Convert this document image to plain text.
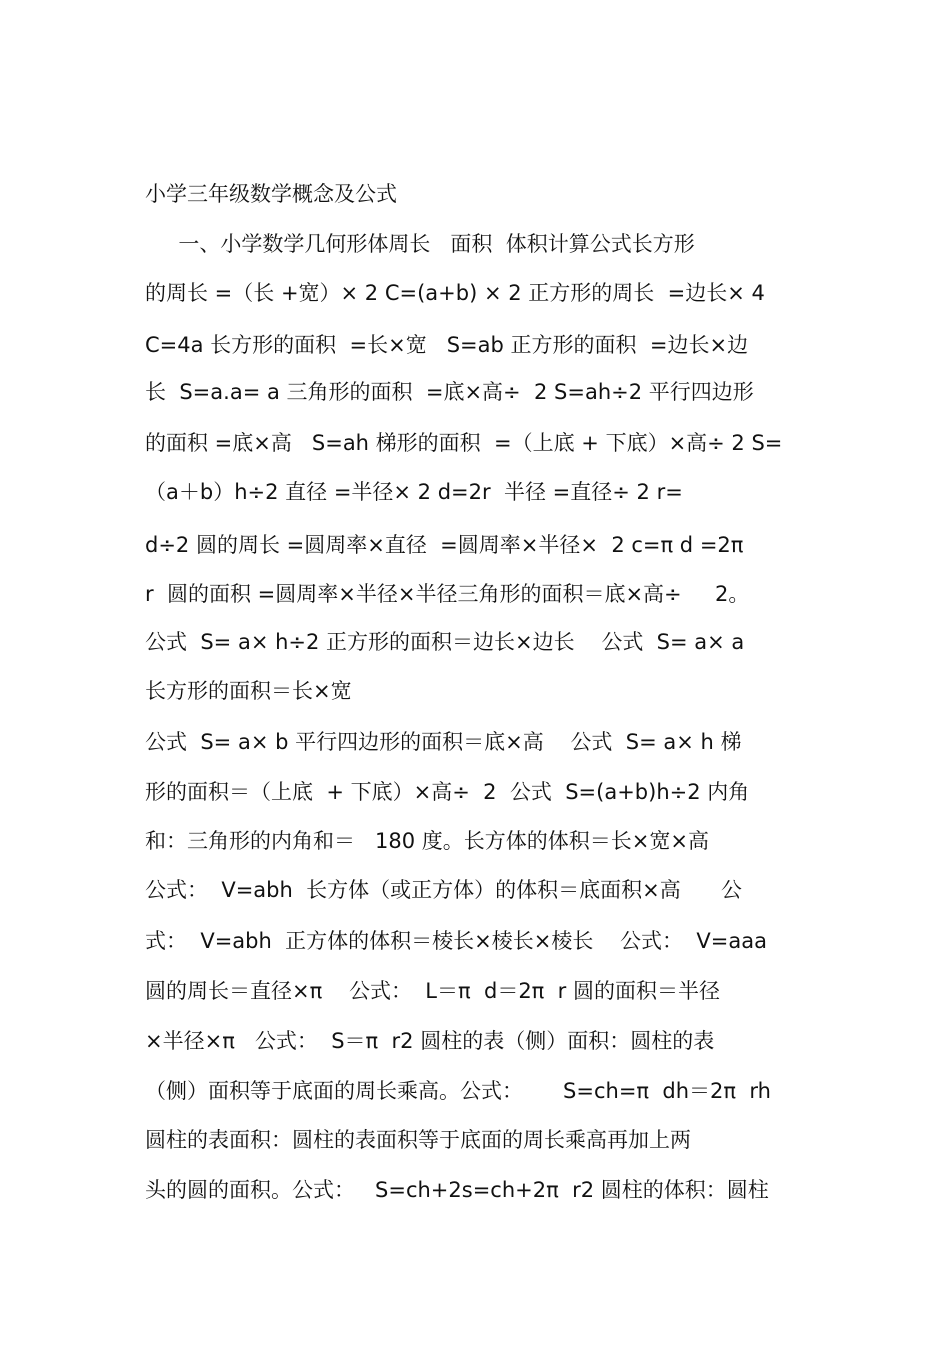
小学三年级数学概念及公式
一、小学数学几何形体周长   面积  体积计算公式长方形
的周长 =（长 +宽）× 2 C=(a+b) × 2 正方形的周长  =边长× 4
C=4a 长方形的面积  =长×宽   S=ab 正方形的面积  =边长×边
长  S=a.a= a 三角形的面积  =底×高÷  2 S=ah÷2 平行四边形
的面积 =底×高   S=ah 梯形的面积  =（上底 + 下底）×高÷ 2 S=
（a＋b）h÷2 直径 =半径× 2 d=2r  半径 =直径÷ 2 r=
d÷2 圆的周长 =圆周率×直径  =圆周率×半径×  2 c=π d =2π
r  圆的面积 =圆周率×半径×半径三角形的面积＝底×高÷     2。
公式  S= a× h÷2 正方形的面积＝边长×边长    公式  S= a× a
长方形的面积＝长×宽
公式  S= a× b 平行四边形的面积＝底×高    公式  S= a× h 梯
形的面积＝（上底  + 下底）×高÷  2  公式  S=(a+b)h÷2 内角
和：三角形的内角和＝   180 度。长方体的体积＝长×宽×高
公式：  V=abh  长方体（或正方体）的体积＝底面积×高      公
式：  V=abh  正方体的体积＝棱长×棱长×棱长    公式：  V=aaa
圆的周长＝直径×π    公式：  L＝π  d＝2π  r 圆的面积＝半径
×半径×π   公式：  S＝π  r2 圆柱的表（侧）面积：圆柱的表
（侧）面积等于底面的周长乘高。公式：      S=ch=π  dh＝2π  rh
圆柱的表面积：圆柱的表面积等于底面的周长乘高再加上两
头的圆的面积。公式：   S=ch+2s=ch+2π  r2 圆柱的体积：圆柱
